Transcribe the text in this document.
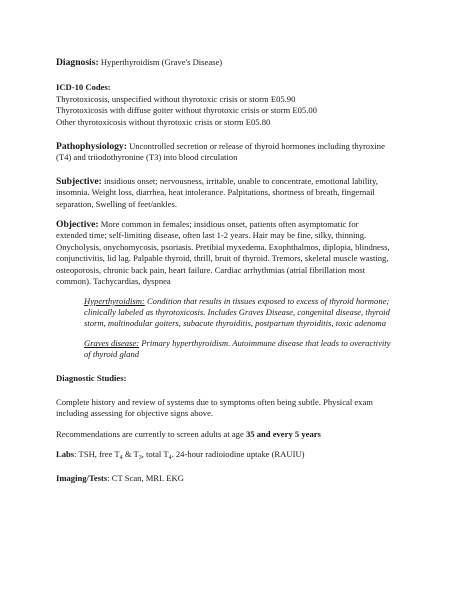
Diagnosis: Hyperthyroidism (Grave's Disease)

ICD-10 Codes:

Thyrotoxicosis, unspecified without thyrotoxic crisis or storm E05.90

Thyrotoxicosis with diffuse goiter without thyrotoxic crisis or storm E05.00

Other thyrotoxicosis without thyrotoxic crisis or storm E05.80

Pathophysiology: Uncontrolled secretion or release of thyroid hormones including thyroxine

(T4) and triiodothyronine (T3) into blood circulation

Subjective: insidious onset; nervousness, irritable, unable to concentrate, emotional lability,

insomnia. Weight loss, diarrhea, heat intolerance. Palpitations, shortness of breath, fingernail

separation, Swelling of feet/ankles.

Objective: More common in females; insidious onset, patients often asymptomatic for

extended time; self-limiting disease, often last 1-2 years. Hair may be fine, silky, thinning.

Onycholysis, onychomycosis, psoriasis. Pretibial myxedema. Exophthalmos, diplopia, blindness,

conjunctivitis, lid lag. Palpable thyroid, thrill, bruit of thyroid. Tremors, skeletal muscle wasting,

osteoporosis, chronic back pain, heart failure. Cardiac arrhythmias (atrial fibrillation most

common). Tachycardias, dyspnea

Hyperthyroidism: Condition that results in tissues exposed to excess of thyroid hormone;

clinically labeled as thyrotoxicosis. Includes Graves Disease, congenital disease, thyroid

storm, multinodular goiters, subacute thyroiditis, postpartum thyroiditis, toxic adenoma

Graves disease: Primary hyperthyroidism. Autoimmune disease that leads to overactivity

of thyroid gland

Diagnostic Studies:

Complete history and review of systems due to symptoms often being subtle. Physical exam

including assessing for objective signs above.

Recommendations are currently to screen adults at age 35 and every 5 years

Labs: TSH, free $T_4$ & $T_3$, total $T_4$. 24-hour radioiodine uptake (RAUIU)

Imaging/Tests: CT Scan, MRI. EKG
